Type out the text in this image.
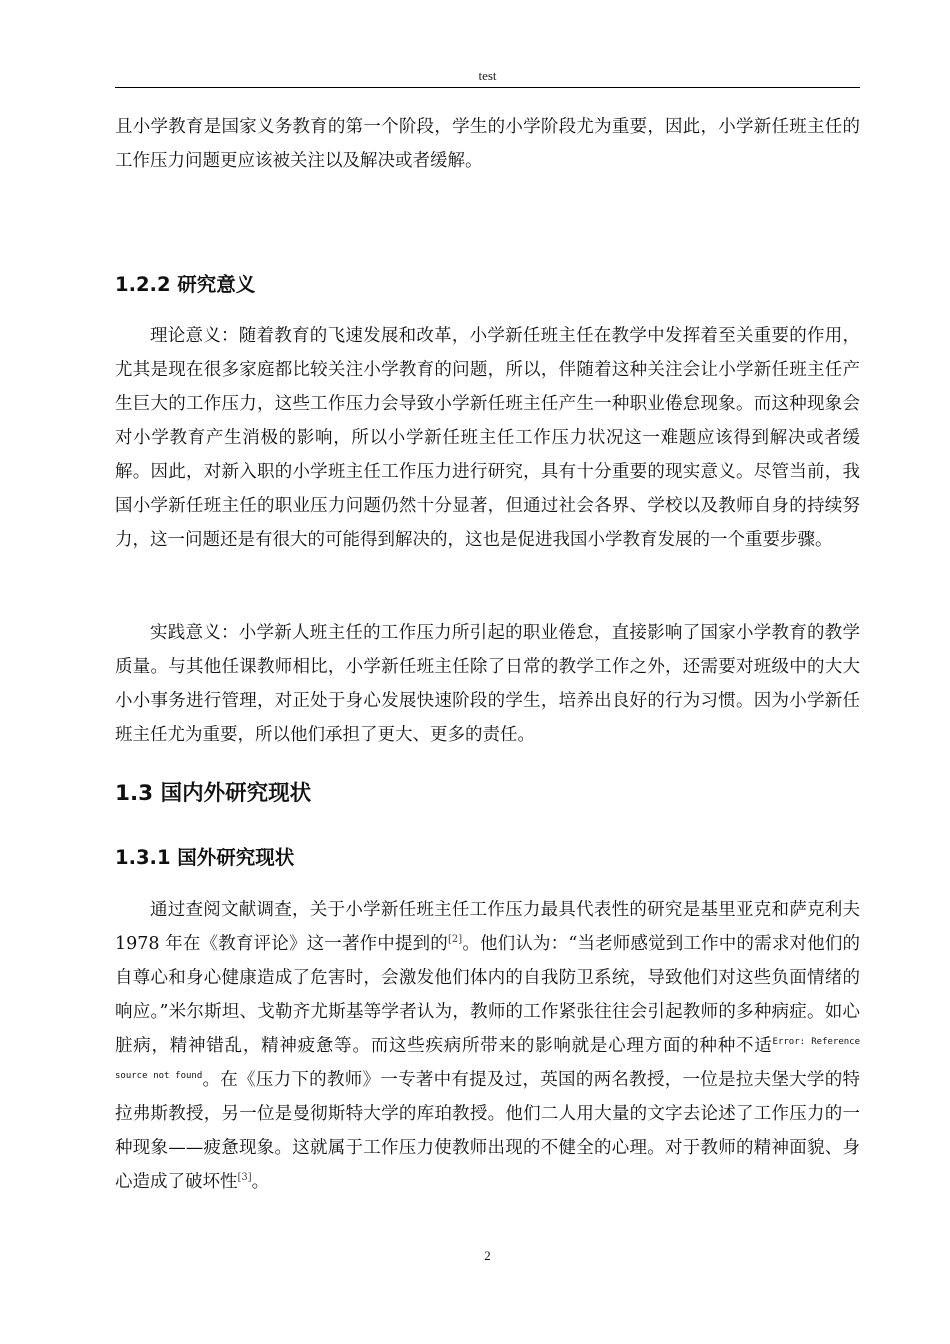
test

且小学教育是国家义务教育的第一个阶段，学生的小学阶段尤为重要，因此，小学新任班主任的工作压力问题更应该被关注以及解决或者缓解。

1.2.2 研究意义

理论意义：随着教育的飞速发展和改革，小学新任班主任在教学中发挥着至关重要的作用，尤其是现在很多家庭都比较关注小学教育的问题，所以，伴随着这种关注会让小学新任班主任产生巨大的工作压力，这些工作压力会导致小学新任班主任产生一种职业倦怠现象。而这种现象会对小学教育产生消极的影响，所以小学新任班主任工作压力状况这一难题应该得到解决或者缓解。因此，对新入职的小学班主任工作压力进行研究，具有十分重要的现实意义。尽管当前，我国小学新任班主任的职业压力问题仍然十分显著，但通过社会各界、学校以及教师自身的持续努力，这一问题还是有很大的可能得到解决的，这也是促进我国小学教育发展的一个重要步骤。

实践意义：小学新人班主任的工作压力所引起的职业倦怠，直接影响了国家小学教育的教学质量。与其他任课教师相比，小学新任班主任除了日常的教学工作之外，还需要对班级中的大大小小事务进行管理，对正处于身心发展快速阶段的学生，培养出良好的行为习惯。因为小学新任班主任尤为重要，所以他们承担了更大、更多的责任。

1.3 国内外研究现状
1.3.1 国外研究现状

通过查阅文献调查，关于小学新任班主任工作压力最具代表性的研究是基里亚克和萨克利夫 1978 年在《教育评论》这一著作中提到的[2]。他们认为：“当老师感觉到工作中的需求对他们的自尊心和身心健康造成了危害时，会激发他们体内的自我防卫系统，导致他们对这些负面情绪的响应。”米尔斯坦、戈勒齐尤斯基等学者认为，教师的工作紧张往往会引起教师的多种病症。如心脏病，精神错乱，精神疲惫等。而这些疾病所带来的影响就是心理方面的种种不适$^{Error: Reference source not found}$。在《压力下的教师》一专著中有提及过，英国的两名教授，一位是拉夫堡大学的特拉弗斯教授，另一位是曼彻斯特大学的库珀教授。他们二人用大量的文字去论述了工作压力的一种现象——疲惫现象。这就属于工作压力使教师出现的不健全的心理。对于教师的精神面貌、身心造成了破坏性[3]。

2
